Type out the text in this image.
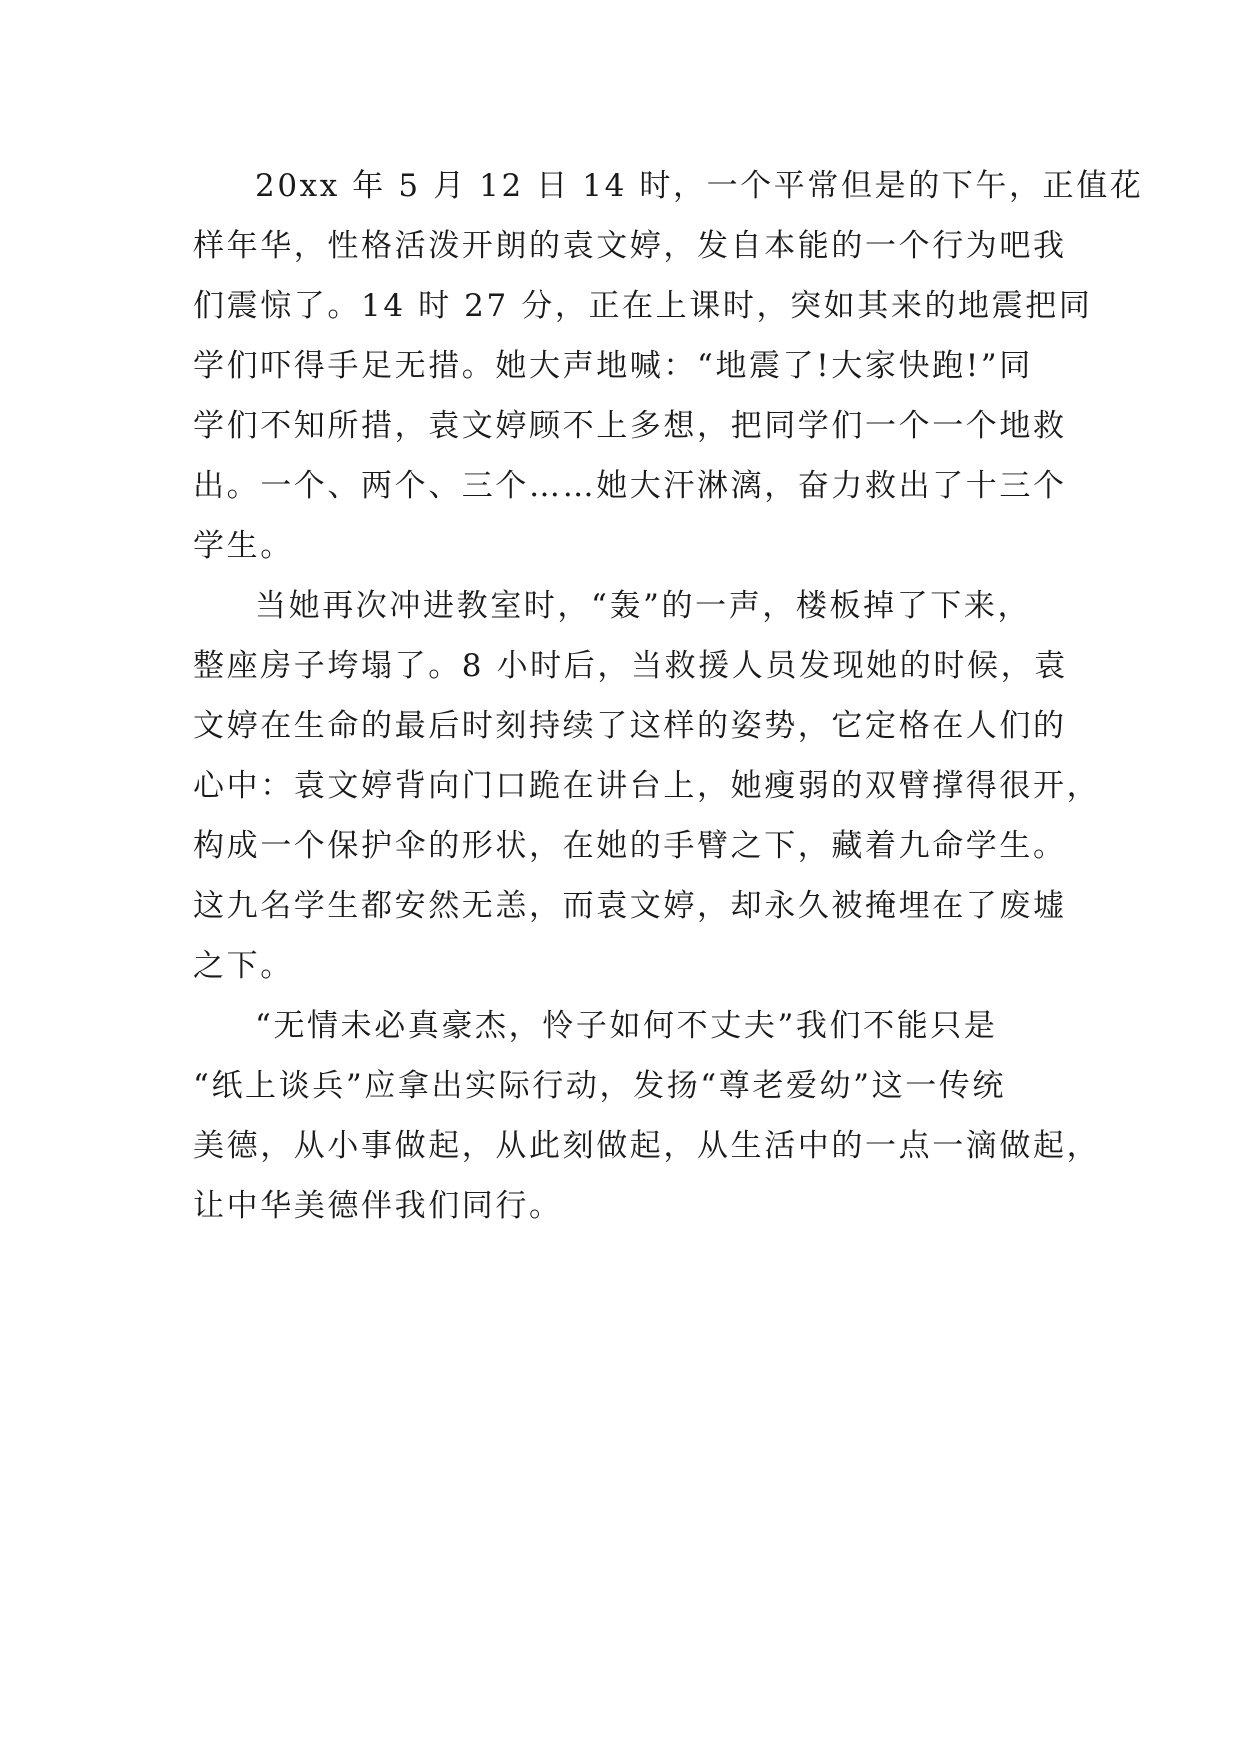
20xx 年 5 月 12 日 14 时，一个平常但是的下午，正值花
样年华，性格活泼开朗的袁文婷，发自本能的一个行为吧我
们震惊了。14 时 27 分，正在上课时，突如其来的地震把同
学们吓得手足无措。她大声地喊：“地震了!大家快跑!”同
学们不知所措，袁文婷顾不上多想，把同学们一个一个地救
出。一个、两个、三个……她大汗淋漓，奋力救出了十三个
学生。
当她再次冲进教室时，“轰”的一声，楼板掉了下来，
整座房子垮塌了。8 小时后，当救援人员发现她的时候，袁
文婷在生命的最后时刻持续了这样的姿势，它定格在人们的
心中：袁文婷背向门口跪在讲台上，她瘦弱的双臂撑得很开，
构成一个保护伞的形状，在她的手臂之下，藏着九命学生。
这九名学生都安然无恙，而袁文婷，却永久被掩埋在了废墟
之下。
“无情未必真豪杰，怜子如何不丈夫”我们不能只是
“纸上谈兵”应拿出实际行动，发扬“尊老爱幼”这一传统
美德，从小事做起，从此刻做起，从生活中的一点一滴做起，
让中华美德伴我们同行。
